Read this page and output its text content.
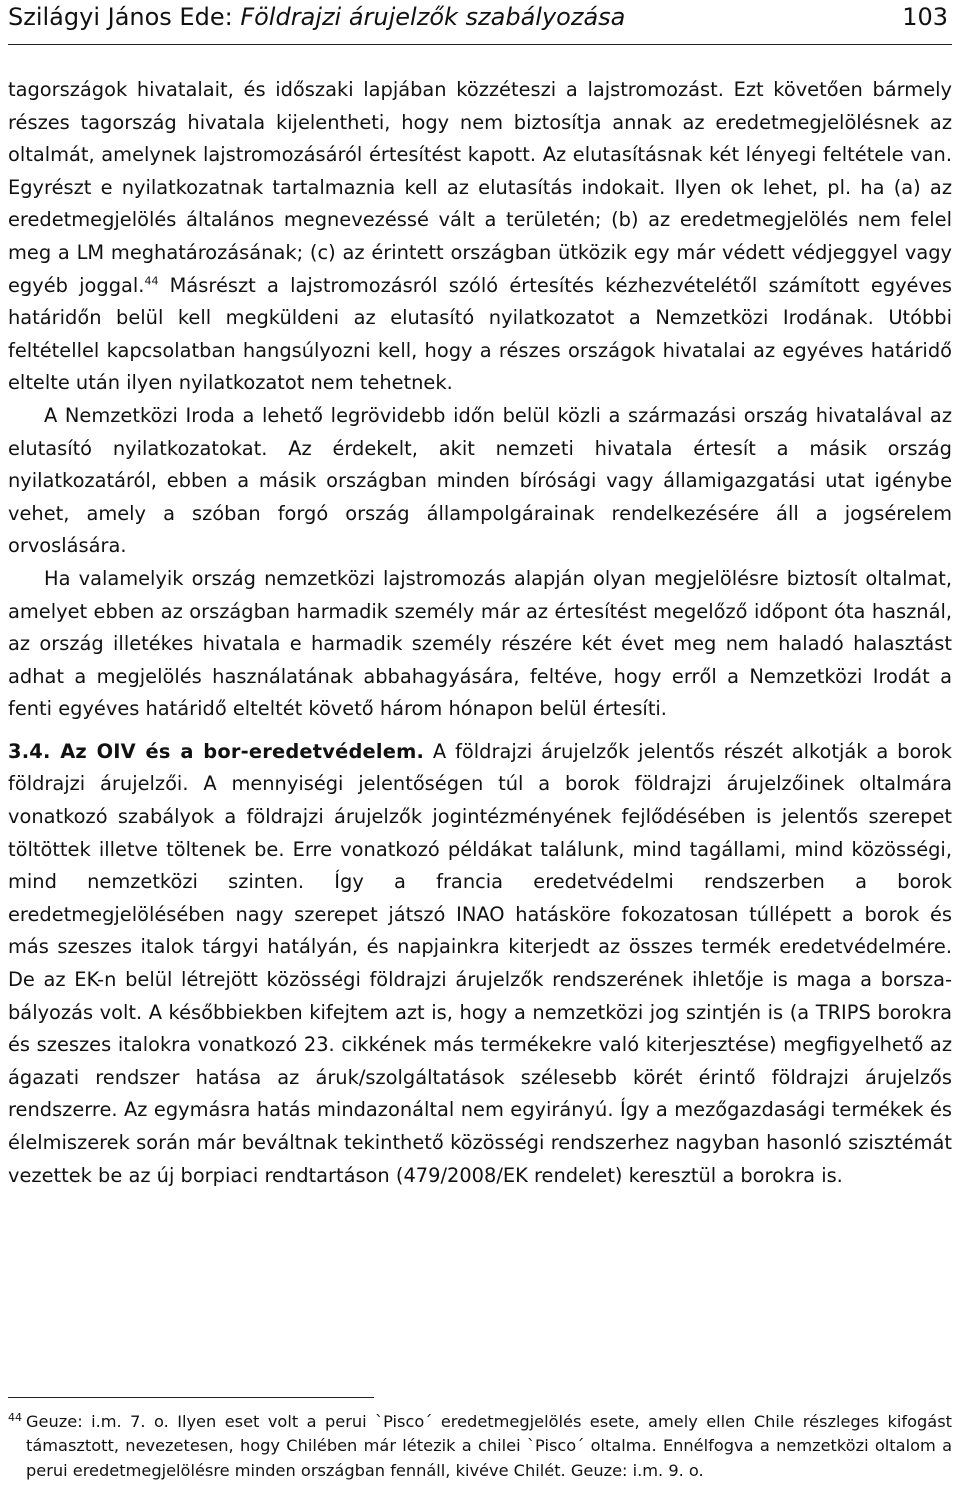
Szilágyi János Ede: Földrajzi árujelzők szabályozása	103

tagországok hivatalait, és időszaki lapjában közzéteszi a lajstromozást. Ezt követően bármely részes tagország hivatala kijelentheti, hogy nem biztosítja annak az eredetmegjelölésnek az oltalmát, amelynek lajstromozásáról értesítést kapott. Az elutasításnak két lényegi feltétele van. Egyrészt e nyilatkozatnak tartalmaznia kell az elutasítás indokait. Ilyen ok lehet, pl. ha (a) az eredetmegjelölés általános megnevezéssé vált a területén; (b) az eredetmegjelölés nem felel meg a LM meghatározásának; (c) az érintett országban ütközik egy már védett védjeggyel vagy egyéb joggal.$^{44}$ Másrészt a lajstromozásról szóló értesítés kézhezvételétől számított egyéves határidőn belül kell megküldeni az elutasító nyilatkozatot a Nemzetközi Irodának. Utóbbi feltétellel kapcsolatban hangsúlyozni kell, hogy a részes országok hivatalai az egyéves határidő eltelte után ilyen nyilatkozatot nem tehetnek.

A Nemzetközi Iroda a lehető legrövidebb időn belül közli a származási ország hivatalával az elutasító nyilatkozatokat. Az érdekelt, akit nemzeti hivatala értesít a másik ország nyilatkozatáról, ebben a másik országban minden bírósági vagy államigazgatási utat igénybe vehet, amely a szóban forgó ország állampolgárainak rendelkezésére áll a jogsérelem orvoslására.

Ha valamelyik ország nemzetközi lajstromozás alapján olyan megjelölésre biztosít oltalmat, amelyet ebben az országban harmadik személy már az értesítést megelőző időpont óta használ, az ország illetékes hivatala e harmadik személy részére két évet meg nem haladó halasztást adhat a megjelölés használatának abbahagyására, feltéve, hogy erről a Nemzetközi Irodát a fenti egyéves határidő elteltét követő három hónapon belül értesíti.

3.4. Az OIV és a bor-eredetvédelem. A földrajzi árujelzők jelentős részét alkotják a borok földrajzi árujelzői. A mennyiségi jelentőségen túl a borok földrajzi árujelzőinek oltalmára vonatkozó szabályok a földrajzi árujelzők jogintézményének fejlődésében is jelentős szerepet töltöttek illetve töltenek be. Erre vonatkozó példákat találunk, mind tagállami, mind közösségi, mind nemzetközi szinten. Így a francia eredetvédelmi rendszerben a borok eredetmegjelölésében nagy szerepet játszó INAO hatásköre fokozatosan túllépett a borok és más szeszes italok tárgyi hatályán, és napjainkra kiterjedt az összes termék eredetvédelmére. De az EK-n belül létrejött közösségi földrajzi árujelzők rendszerének ihletője is maga a borszabályozás volt. A későbbiekben kifejtem azt is, hogy a nemzetközi jog szintjén is (a TRIPS borokra és szeszes italokra vonatkozó 23. cikkének más termékekre való kiterjesztése) megfigyelhető az ágazati rendszer hatása az áruk/szolgáltatások szélesebb körét érintő földrajzi árujelzős rendszerre. Az egymásra hatás mindazonáltal nem egyirányú. Így a mezőgazdasági termékek és élelmiszerek során már beváltnak tekinthető közösségi rendszerhez nagyban hasonló szisztémát vezettek be az új borpiaci rendtartáson (479/2008/EK rendelet) keresztül a borokra is.

44 Geuze: i.m. 7. o. Ilyen eset volt a perui `Pisco´ eredetmegjelölés esete, amely ellen Chile részleges kifogást támasztott, nevezetesen, hogy Chilében már létezik a chilei `Pisco´ oltalma. Ennélfogva a nemzetközi oltalom a perui eredetmegjelölésre minden országban fennáll, kivéve Chilét. Geuze: i.m. 9. o.
